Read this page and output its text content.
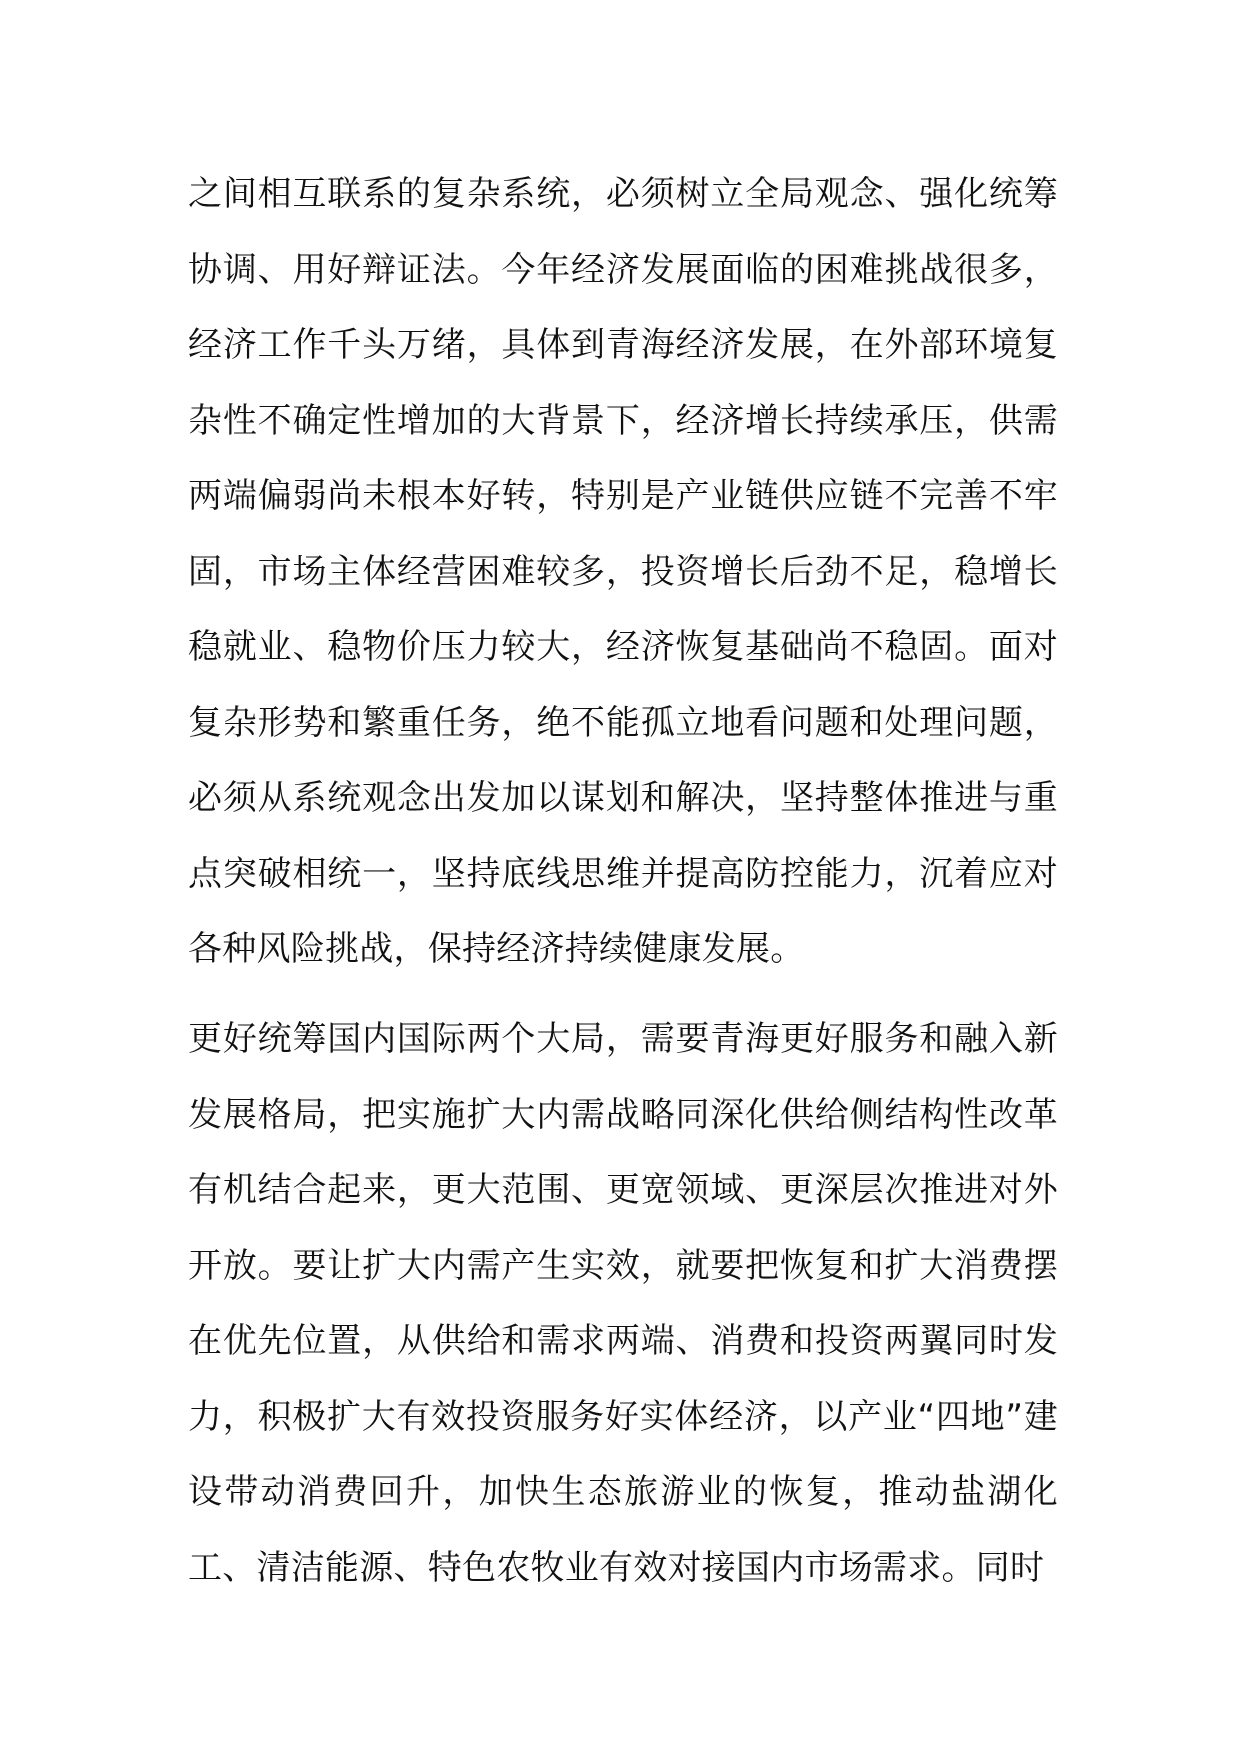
之间相互联系的复杂系统，必须树立全局观念、强化统筹协调、用好辩证法。今年经济发展面临的困难挑战很多，经济工作千头万绪，具体到青海经济发展，在外部环境复杂性不确定性增加的大背景下，经济增长持续承压，供需两端偏弱尚未根本好转，特别是产业链供应链不完善不牢固，市场主体经营困难较多，投资增长后劲不足，稳增长稳就业、稳物价压力较大，经济恢复基础尚不稳固。面对复杂形势和繁重任务，绝不能孤立地看问题和处理问题，必须从系统观念出发加以谋划和解决，坚持整体推进与重点突破相统一，坚持底线思维并提高防控能力，沉着应对各种风险挑战，保持经济持续健康发展。

更好统筹国内国际两个大局，需要青海更好服务和融入新发展格局，把实施扩大内需战略同深化供给侧结构性改革有机结合起来，更大范围、更宽领域、更深层次推进对外开放。要让扩大内需产生实效，就要把恢复和扩大消费摆在优先位置，从供给和需求两端、消费和投资两翼同时发力，积极扩大有效投资服务好实体经济，以产业“四地”建设带动消费回升，加快生态旅游业的恢复，推动盐湖化工、清洁能源、特色农牧业有效对接国内市场需求。同时
